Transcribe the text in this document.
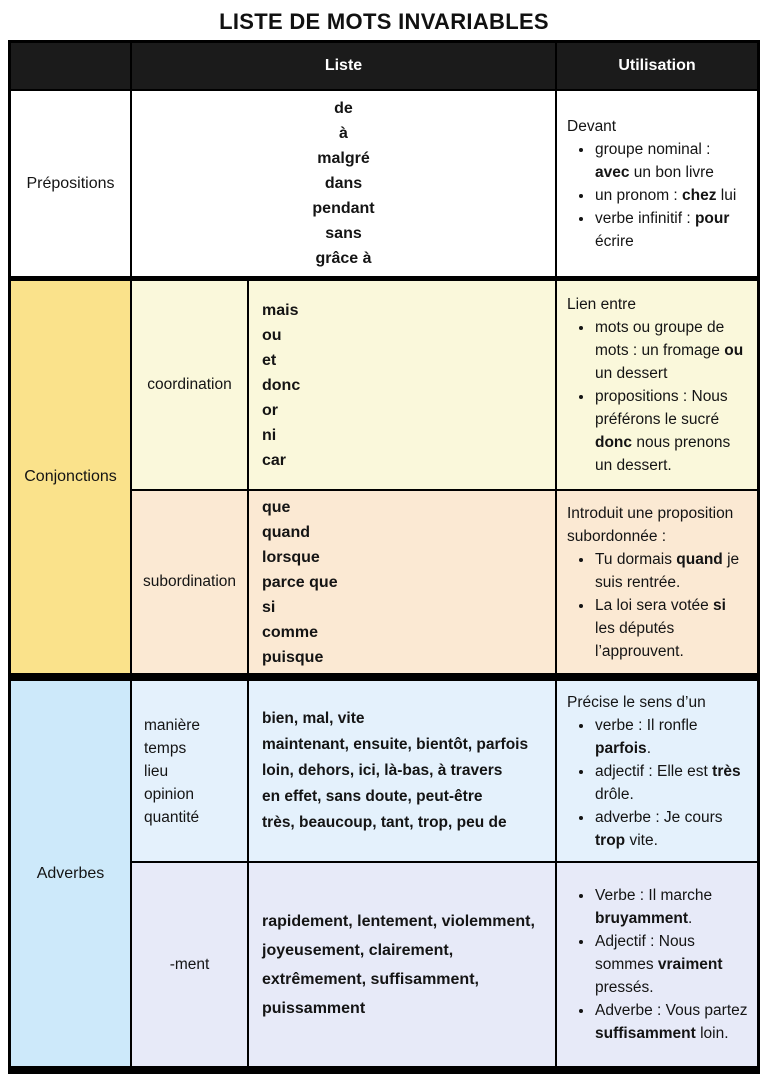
LISTE DE MOTS INVARIABLES
Liste	Utilisation
Prépositions
de
à
malgré
dans
pendant
sans
grâce à
Devant
• groupe nominal : avec un bon livre
• un pronom : chez lui
• verbe infinitif : pour écrire
Conjonctions
coordination
mais
ou
et
donc
or
ni
car
Lien entre
• mots ou groupe de mots : un fromage ou un dessert
• propositions : Nous préférons le sucré donc nous prenons un dessert.
subordination
que
quand
lorsque
parce que
si
comme
puisque
Introduit une proposition subordonnée :
• Tu dormais quand je suis rentrée.
• La loi sera votée si les députés l’approuvent.
Adverbes
manière
temps
lieu
opinion
quantité
bien, mal, vite
maintenant, ensuite, bientôt, parfois
loin, dehors, ici, là-bas, à travers
en effet, sans doute, peut-être
très, beaucoup, tant, trop, peu de
Précise le sens d’un
• verbe : Il ronfle parfois.
• adjectif : Elle est très drôle.
• adverbe : Je cours trop vite.
-ment
rapidement, lentement, violemment, joyeusement, clairement, extrêmement, suffisamment, puissamment
• Verbe : Il marche bruyamment.
• Adjectif : Nous sommes vraiment pressés.
• Adverbe : Vous partez suffisamment loin.
